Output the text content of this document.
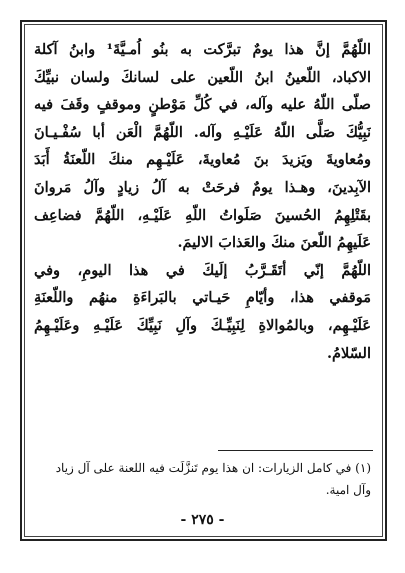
اللّهُمَّ إنَّ هذا يومٌ تبرَّكت به بنُو اُمـيَّةَ¹ وابنُ آكلة
الاكباد، اللّعينُ ابنُ اللّعين على لسانكَ ولسان نبيِّكَ
صلّى اللّهُ عليه وآله، في كُلِّ مَوْطنٍ وموقفٍ وقَفَ فيه
نَبِيُّكَ صَلَّى اللّهُ عَلَيْـهِ وآله. اللّهُمَّ الْعَن أبا سُفْـيـانَ
ومُعاويةَ ويَزيدَ بنَ مُعاويةَ، عَلَيْـهِم منكَ اللّعنَةُ أَبَدَ
الآبِدينَ، وهـذا يومٌ فرحَتْ به آلُ زيادٍ وآلُ مَروانَ
بقَتْلِهِمُ الحُسينَ صَلَواتُ اللّهِ عَلَيْـهِ، اللّهُمَّ فضاعِف
عَلَيهِمُ اللّعنَ منكَ والعَذابَ الاليمَ.
اللّهُمَّ إنّي أتَقَـرَّبُ إلَيكَ في هذا اليومِ، وفي
مَوقفي هذا، وأيّامِ حَيـاتي بالبَراءَةِ منهُم واللّعنَةِ
عَلَيْـهِم، وبالمُوالاةِ لِنَبِيِّـكَ وآلِ نَبِيِّكَ عَلَيْـهِ وعَلَيْـهِمُ
السّلامُ.
(١) في كامل الزيارات: ان هذا يوم تَنزَّلَت فيه اللعنة على آل زياد
وآل امية.
- ٢٧٥ -
